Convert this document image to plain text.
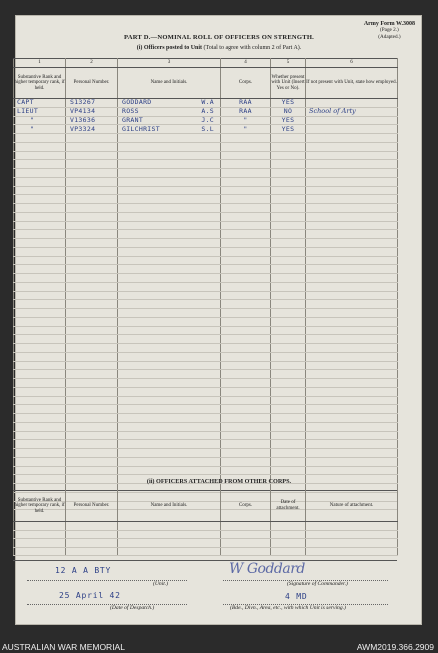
Army Form W.3008
(Page 2.)
(Adapted.)
PART D.—NOMINAL ROLL OF OFFICERS ON STRENGTH.
(i) Officers posted to Unit (Total to agree with column 2 of Part A).
1	2	3	4	5	6
Substantive Rank and higher temporary rank, if held.	Personal Number.	Name and Initials.	Corps.	Whether present with Unit (Insert Yes or No).	If not present with Unit, state how employed.
CAPT	S13267	GODDARD W.A	RAA	YES	
LIEUT	VP4134	ROSS A.S	RAA	NO	School of Arty
"	V13636	GRANT J.C	"	YES	
"	VP3324	GILCHRIST S.L	"	YES	

(ii) OFFICERS ATTACHED FROM OTHER CORPS.
Substantive Rank and higher temporary rank, if held.	Personal Number.	Name and Initials.	Corps.	Date of attachment.	Nature of attachment.

12 A A BTY
(Unit.)
25 April 42
(Date of Despatch.)
W Goddard
(Signature of Commander.)
4 MD
(Bde., Divn., Area, etc., with which Unit is serving.)
AUSTRALIAN WAR MEMORIAL	AWM2019.366.2909
